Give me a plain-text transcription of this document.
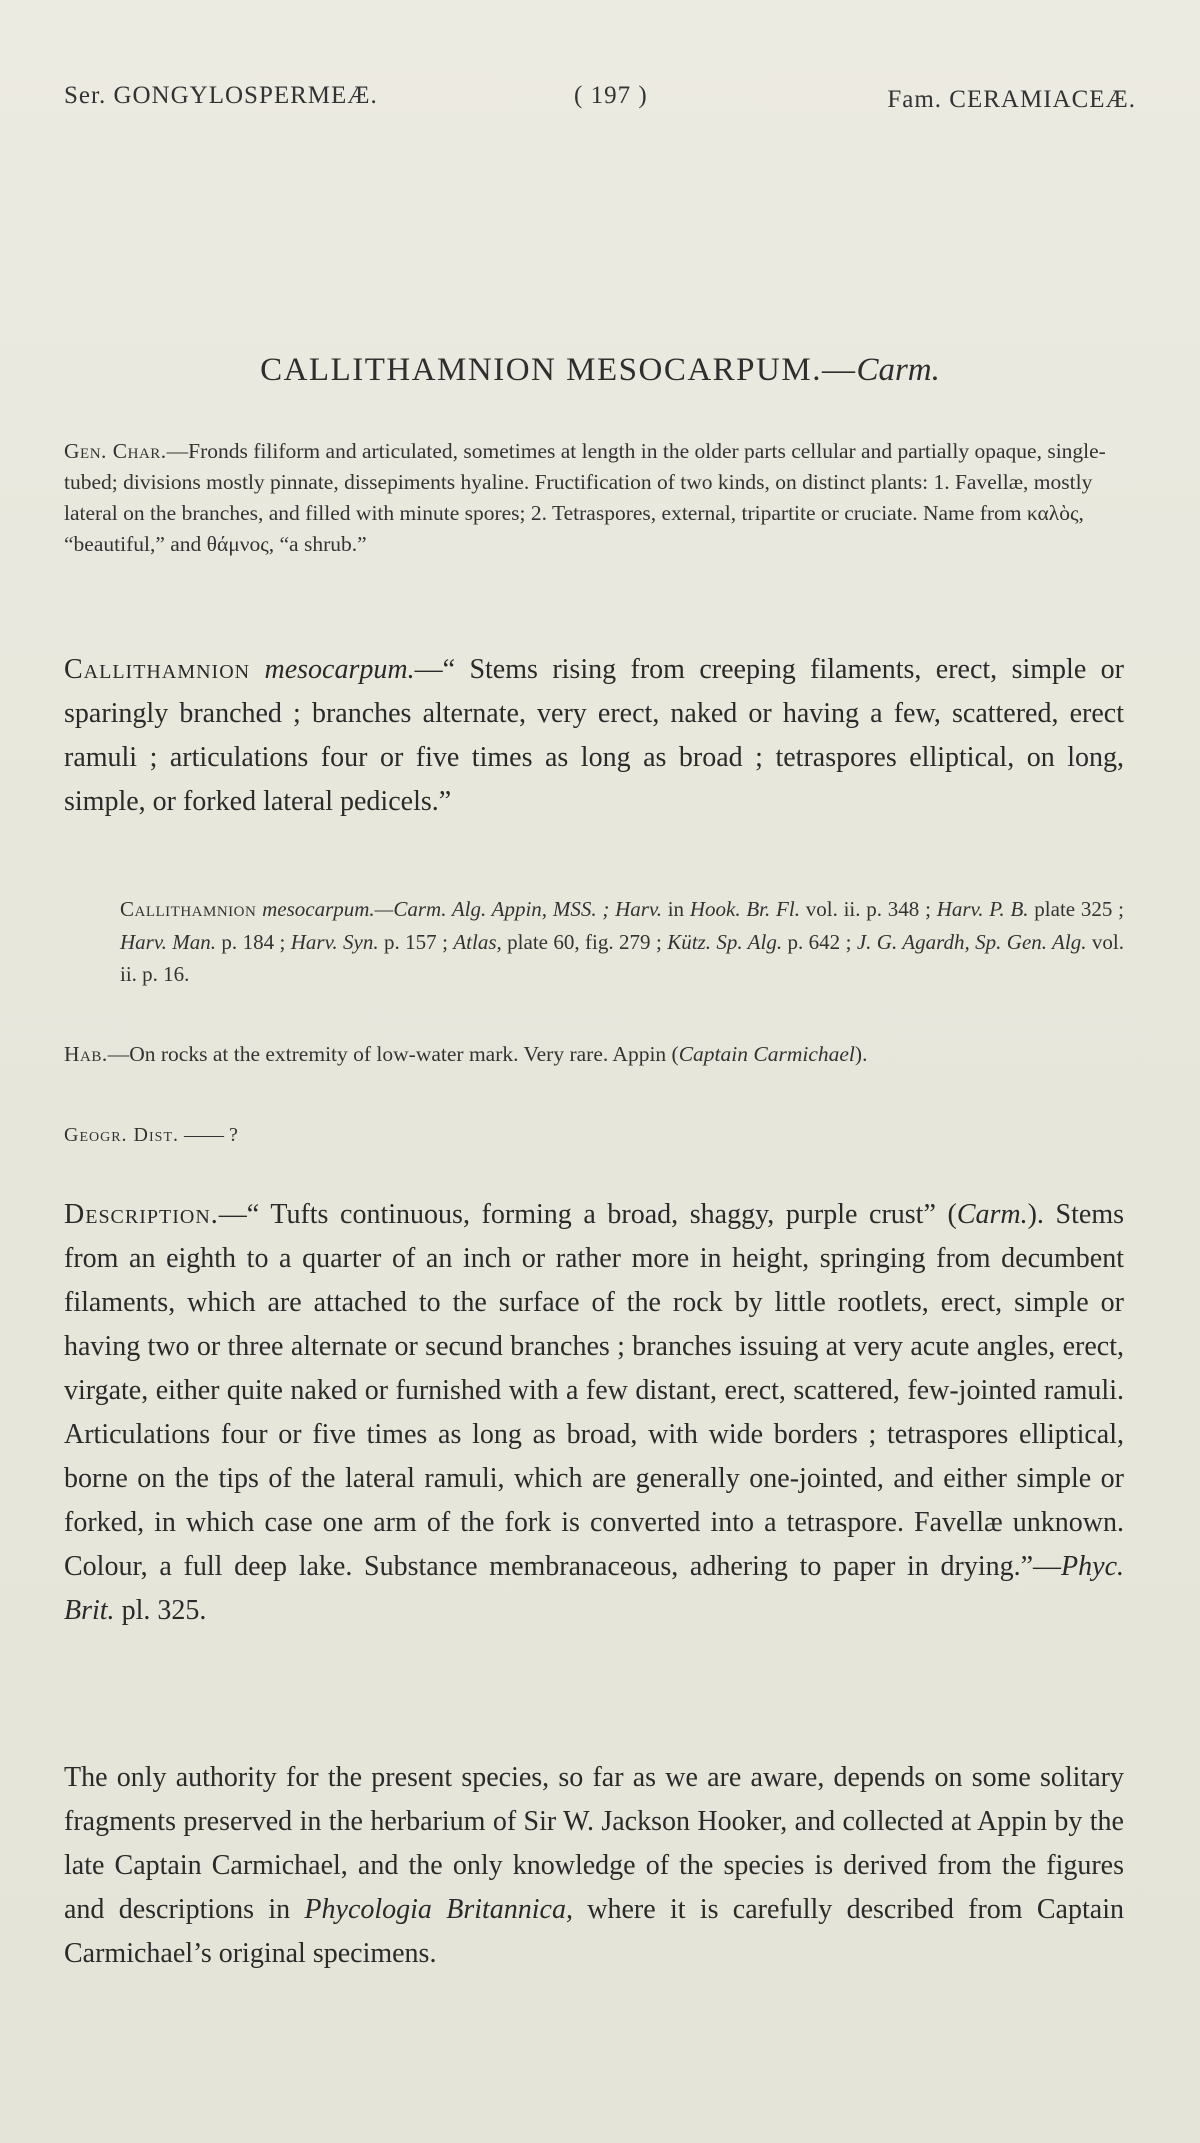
Ser. GONGYLOSPERMEÆ.	( 197 )	Fam. CERAMIACEÆ.
CALLITHAMNION MESOCARPUM.—Carm.
Gen. Char.—Fronds filiform and articulated, sometimes at length in the older parts cellular and partially opaque, single-tubed; divisions mostly pinnate, dissepiments hyaline. Fructification of two kinds, on distinct plants: 1. Favellæ, mostly lateral on the branches, and filled with minute spores; 2. Tetraspores, external, tripartite or cruciate. Name from καλὸς, “beautiful,” and θάμνος, “a shrub.”
Callithamnion mesocarpum.—“ Stems rising from creeping filaments, erect, simple or sparingly branched ; branches alternate, very erect, naked or having a few, scattered, erect ramuli ; articulations four or five times as long as broad ; tetraspores elliptical, on long, simple, or forked lateral pedicels.”
Callithamnion mesocarpum.—Carm. Alg. Appin, MSS. ; Harv. in Hook. Br. Fl. vol. ii. p. 348 ; Harv. P. B. plate 325 ; Harv. Man. p. 184 ; Harv. Syn. p. 157 ; Atlas, plate 60, fig. 279 ; Kütz. Sp. Alg. p. 642 ; J. G. Agardh, Sp. Gen. Alg. vol. ii. p. 16.
Hab.—On rocks at the extremity of low-water mark. Very rare. Appin (Captain Carmichael).
Geogr. Dist. —— ?
Description.—“ Tufts continuous, forming a broad, shaggy, purple crust” (Carm.). Stems from an eighth to a quarter of an inch or rather more in height, springing from decumbent filaments, which are attached to the surface of the rock by little rootlets, erect, simple or having two or three alternate or secund branches ; branches issuing at very acute angles, erect, virgate, either quite naked or furnished with a few distant, erect, scattered, few-jointed ramuli. Articulations four or five times as long as broad, with wide borders ; tetraspores elliptical, borne on the tips of the lateral ramuli, which are generally one-jointed, and either simple or forked, in which case one arm of the fork is converted into a tetraspore. Favellæ unknown. Colour, a full deep lake. Substance membranaceous, adhering to paper in drying.”—Phyc. Brit. pl. 325.
The only authority for the present species, so far as we are aware, depends on some solitary fragments preserved in the herbarium of Sir W. Jackson Hooker, and collected at Appin by the late Captain Carmichael, and the only knowledge of the species is derived from the figures and descriptions in Phycologia Britannica, where it is carefully described from Captain Carmichael’s original specimens.
